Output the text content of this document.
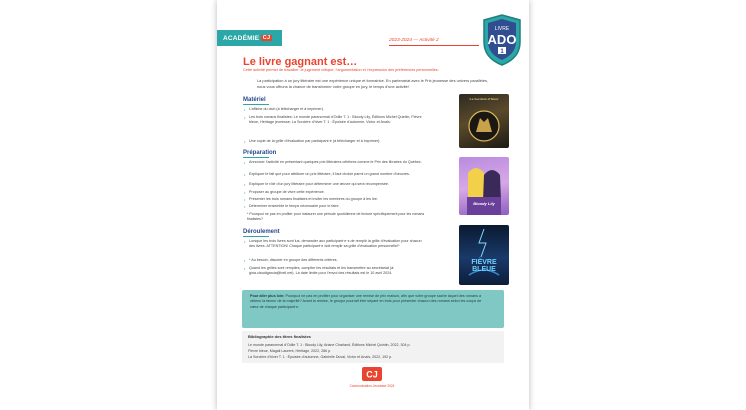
ACADÉMIE CJ	2023-2024 — Activité 2
LIVRE
ADO
1
Le livre gagnant est…
Cette activité permet de travailler: le jugement critique, l’argumentation et l’expression des préférences personnelles.
La participation à un jury littéraire est une expérience unique et formatrice. En partenariat avec le Prix jeunesse des univers parallèles, nous vous offrons la chance de transformer votre groupe en jury, le temps d’une activité!
Matériel
• L’affiche du club (à télécharger et à imprimer).
• Les trois romans finalistes: Le monde paranormal d’Odile T. 1 : Bloody Lily, Éditions Michel Quintin; Fièvre bleue, Héritage jeunesse; La Sorcière d’hiver T. 1 : Épuisée d’automne, Victor et Anaïs.
• Une copie de la grille d’évaluation par participant·e (à télécharger et à imprimer).
Préparation
• Annoncer l’activité en présentant quelques prix littéraires célèbres comme le Prix des libraires du Québec.
• Expliquer le fait que pour attribuer un prix littéraire, il faut choisir parmi un grand nombre d’œuvres.
• Expliquer le rôle d’un jury littéraire pour déterminer une œuvre qui sera récompensée.
• Proposer au groupe de vivre cette expérience.
• Présenter les trois romans finalistes et inviter les membres du groupe à les lire.
• Déterminer ensemble le temps nécessaire pour le faire.
* Pourquoi ne pas en profiter pour instaurer une période quotidienne de lecture spécifiquement pour les romans finalistes?
Déroulement
• Lorsque les trois livres sont lus, demander aux participant·e·s de remplir la grille d’évaluation pour chacun des livres. ATTENTION! Chaque participant·e doit remplir sa grille d’évaluation personnelle!*
• * Au besoin, discuter en groupe des différents critères.
• Quand les grilles sont remplies, compiler les résultats et les transmettre au secrétariat (à: gina.claudigarcia@bell.net). La date limite pour l’envoi des résultats est le 10 avril 2024.
La Sorcière d’hiver
Bloody Lily
FIÈVRE BLEUE
Pour aller plus loin: Pourquoi ne pas en profiter pour organiser une remise de prix maison, afin que votre groupe sache laquel des romans a obtenu la faveur de la majorité? Avant la remise, le groupe pourrait être séparé en trois pour présenter chacun des romans selon les coups de cœur de chaque participant·e.
Bibliographie des titres finalistes
Le monde paranormal d’Odile T. 1 : Bloody Lily, Ariane Charland, Éditions Michel Quintin, 2022, 304 p.
Fièvre bleue, Magali Laurent, Héritage, 2022, 286 p.
La Sorcière d’hiver T. 1 : Épuisée d’automne, Gabrielle Duval, Victor et Anaïs, 2022, 192 p.
CJ
Communication-Jeunesse 2024
